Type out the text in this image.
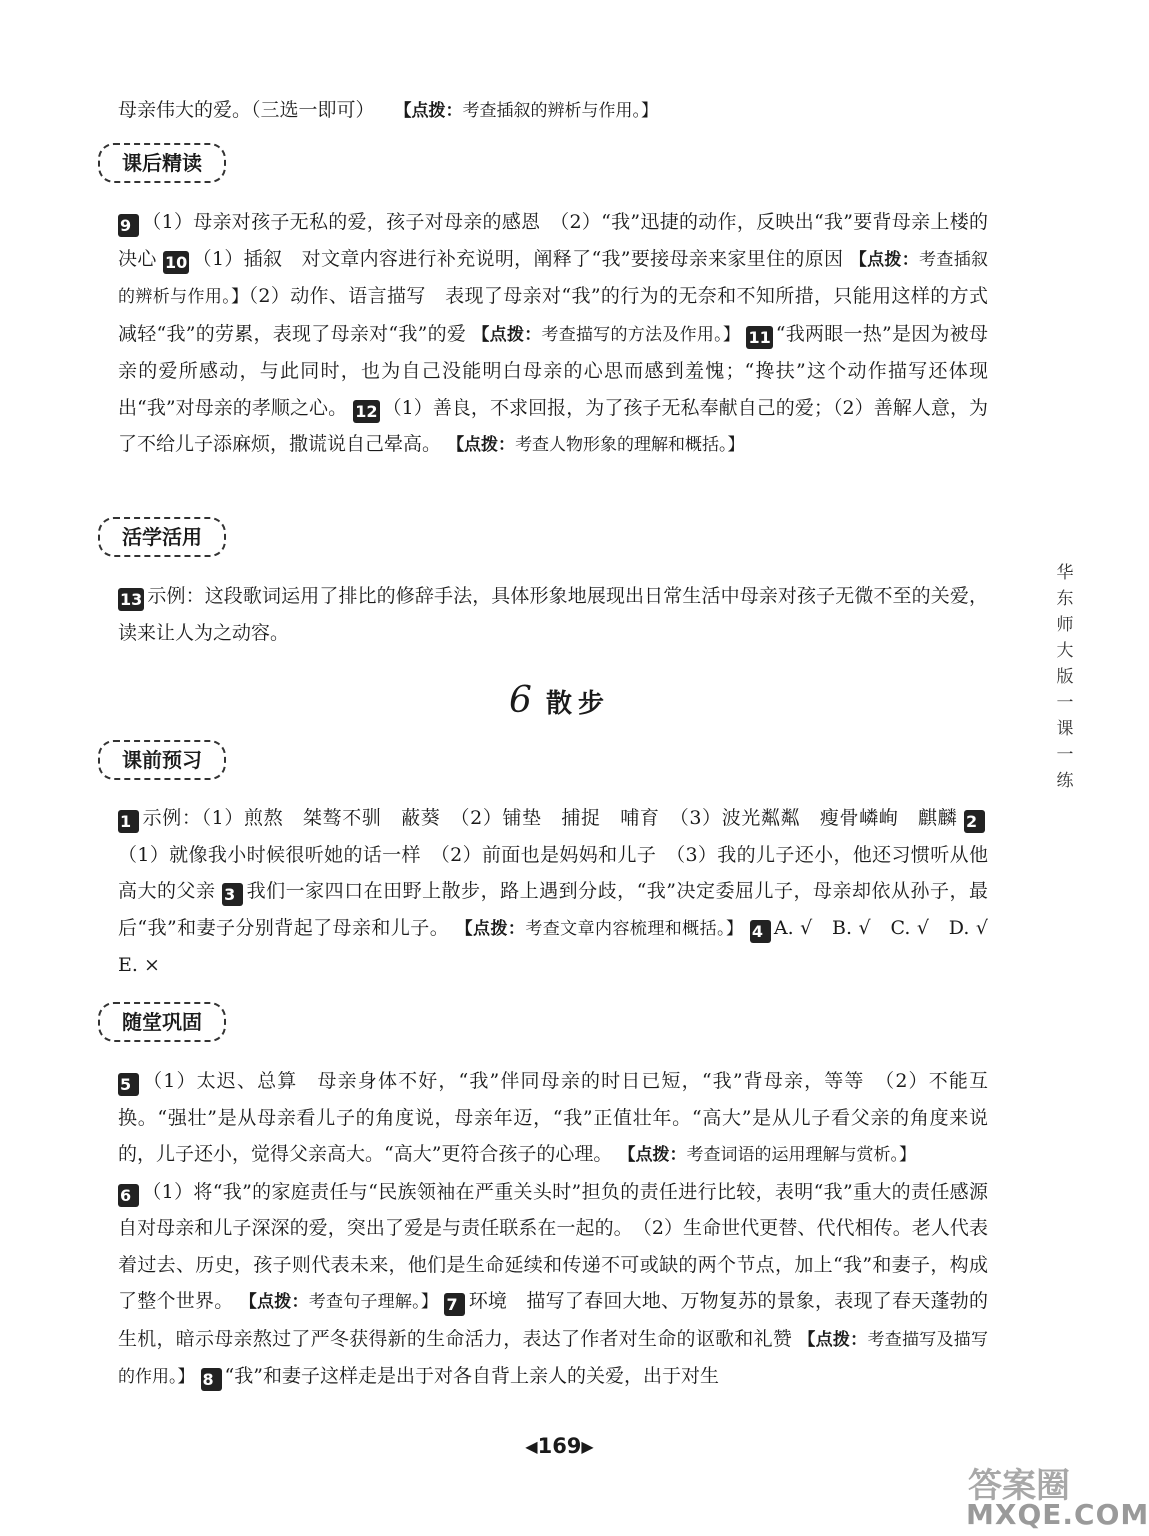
母亲伟大的爱。（三选一即可） 【点拨：考查插叙的辨析与作用。】

课后精读

9 （1）母亲对孩子无私的爱，孩子对母亲的感恩　（2）“我”迅捷的动作，反映出“我”要背母亲上楼的决心 10 （1）插叙　对文章内容进行补充说明，阐释了“我”要接母亲来家里住的原因 【点拨：考查插叙的辨析与作用。】（2）动作、语言描写　表现了母亲对“我”的行为的无奈和不知所措，只能用这样的方式减轻“我”的劳累，表现了母亲对“我”的爱 【点拨：考查描写的方法及作用。】 11 “我两眼一热”是因为被母亲的爱所感动，与此同时，也为自己没能明白母亲的心思而感到羞愧；“搀扶”这个动作描写还体现出“我”对母亲的孝顺之心。 12 （1）善良，不求回报，为了孩子无私奉献自己的爱；（2）善解人意，为了不给儿子添麻烦，撒谎说自己晕高。 【点拨：考查人物形象的理解和概括。】

活学活用

13 示例：这段歌词运用了排比的修辞手法，具体形象地展现出日常生活中母亲对孩子无微不至的关爱，读来让人为之动容。

6 散步
课前预习

1 示例：（1）煎熬　桀骜不驯　蔽葵　（2）铺垫　捕捉　哺育　（3）波光粼粼　瘦骨嶙峋　麒麟 2（1）就像我小时候很听她的话一样　（2）前面也是妈妈和儿子　（3）我的儿子还小，他还习惯听从他高大的父亲 3 我们一家四口在田野上散步，路上遇到分歧，“我”决定委屈儿子，母亲却依从孙子，最后“我”和妻子分别背起了母亲和儿子。 【点拨：考查文章内容梳理和概括。】 4 A. √　B. √　C. √　D. √　E. ×

随堂巩固

5 （1）太迟、总算　母亲身体不好，“我”伴同母亲的时日已短，“我”背母亲，等等　（2）不能互换。“强壮”是从母亲看儿子的角度说，母亲年迈，“我”正值壮年。“高大”是从儿子看父亲的角度来说的，儿子还小，觉得父亲高大。“高大”更符合孩子的心理。 【点拨：考查词语的运用理解与赏析。】
6 （1）将“我”的家庭责任与“民族领袖在严重关头时”担负的责任进行比较，表明“我”重大的责任感源自对母亲和儿子深深的爱，突出了爱是与责任联系在一起的。　（2）生命世代更替、代代相传。老人代表着过去、历史，孩子则代表未来，他们是生命延续和传递不可或缺的两个节点，加上“我”和妻子，构成了整个世界。 【点拨：考查句子理解。】 7 环境　描写了春回大地、万物复苏的景象，表现了春天蓬勃的生机，暗示母亲熬过了严冬获得新的生命活力，表达了作者对生命的讴歌和礼赞 【点拨：考查描写及描写的作用。】 8 “我”和妻子这样走是出于对各自背上亲人的关爱，出于对生

华东师大版一课一练
◀169▶
答案圈
MXQE.COM
